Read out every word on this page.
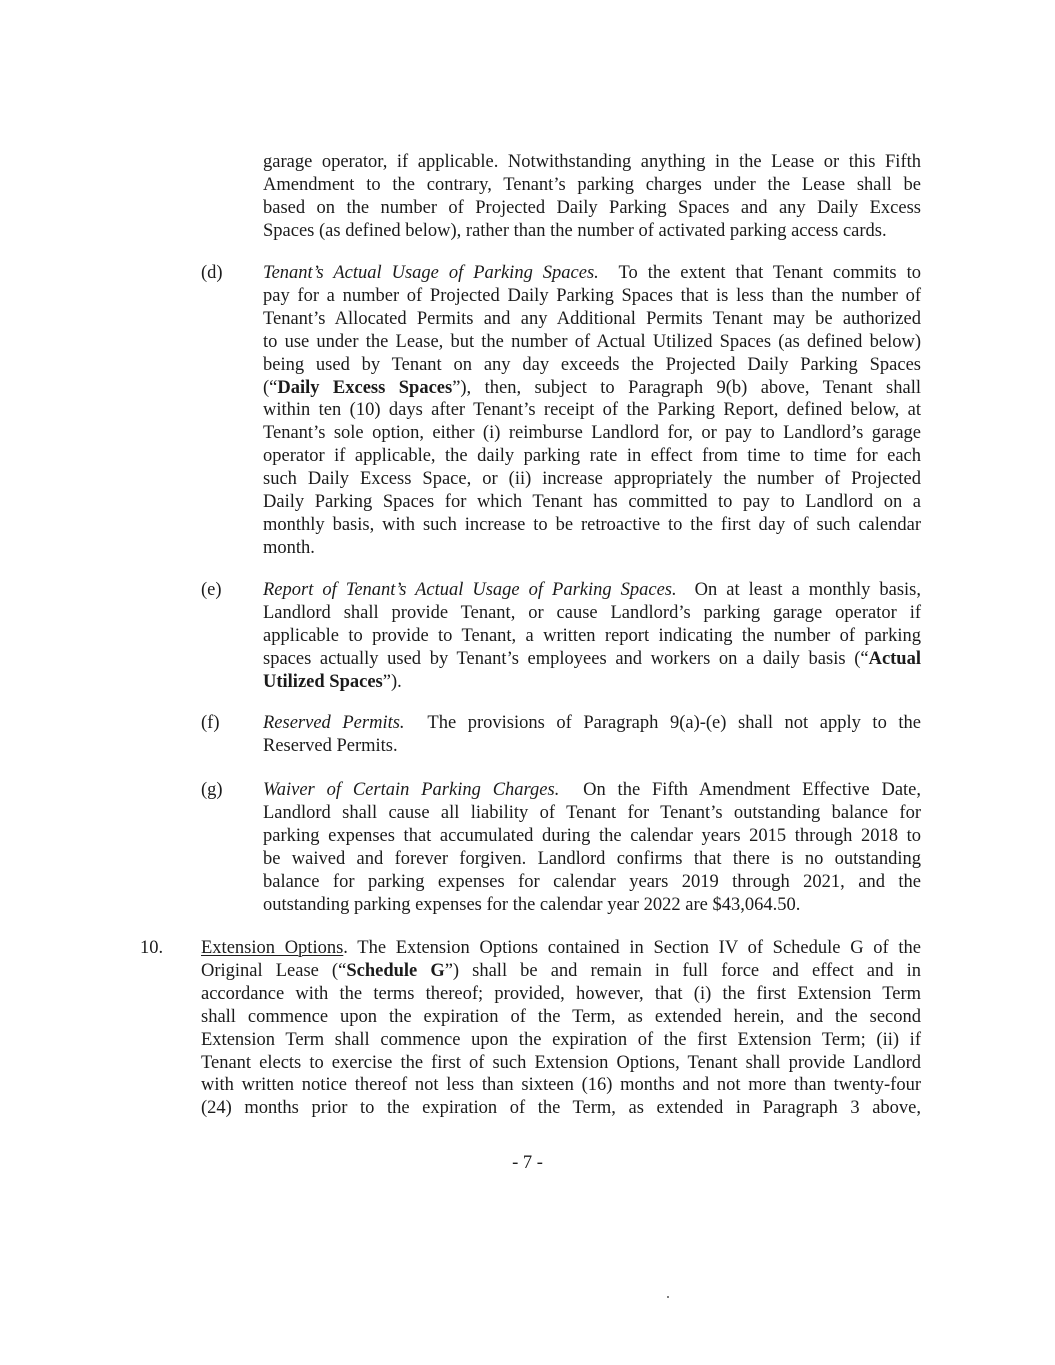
garage operator, if applicable. Notwithstanding anything in the Lease or this Fifth
Amendment to the contrary, Tenant’s parking charges under the Lease shall be
based on the number of Projected Daily Parking Spaces and any Daily Excess
Spaces (as defined below), rather than the number of activated parking access cards.
(d) Tenant’s Actual Usage of Parking Spaces. To the extent that Tenant commits to
pay for a number of Projected Daily Parking Spaces that is less than the number of
Tenant’s Allocated Permits and any Additional Permits Tenant may be authorized
to use under the Lease, but the number of Actual Utilized Spaces (as defined below)
being used by Tenant on any day exceeds the Projected Daily Parking Spaces
(“Daily Excess Spaces”), then, subject to Paragraph 9(b) above, Tenant shall
within ten (10) days after Tenant’s receipt of the Parking Report, defined below, at
Tenant’s sole option, either (i) reimburse Landlord for, or pay to Landlord’s garage
operator if applicable, the daily parking rate in effect from time to time for each
such Daily Excess Space, or (ii) increase appropriately the number of Projected
Daily Parking Spaces for which Tenant has committed to pay to Landlord on a
monthly basis, with such increase to be retroactive to the first day of such calendar
month.
(e) Report of Tenant’s Actual Usage of Parking Spaces. On at least a monthly basis,
Landlord shall provide Tenant, or cause Landlord’s parking garage operator if
applicable to provide to Tenant, a written report indicating the number of parking
spaces actually used by Tenant’s employees and workers on a daily basis (“Actual
Utilized Spaces”).
(f) Reserved Permits. The provisions of Paragraph 9(a)-(e) shall not apply to the
Reserved Permits.
(g) Waiver of Certain Parking Charges. On the Fifth Amendment Effective Date,
Landlord shall cause all liability of Tenant for Tenant’s outstanding balance for
parking expenses that accumulated during the calendar years 2015 through 2018 to
be waived and forever forgiven. Landlord confirms that there is no outstanding
balance for parking expenses for calendar years 2019 through 2021, and the
outstanding parking expenses for the calendar year 2022 are $43,064.50.
10. Extension Options. The Extension Options contained in Section IV of Schedule G of the
Original Lease (“Schedule G”) shall be and remain in full force and effect and in
accordance with the terms thereof; provided, however, that (i) the first Extension Term
shall commence upon the expiration of the Term, as extended herein, and the second
Extension Term shall commence upon the expiration of the first Extension Term; (ii) if
Tenant elects to exercise the first of such Extension Options, Tenant shall provide Landlord
with written notice thereof not less than sixteen (16) months and not more than twenty-four
(24) months prior to the expiration of the Term, as extended in Paragraph 3 above,
- 7 -
